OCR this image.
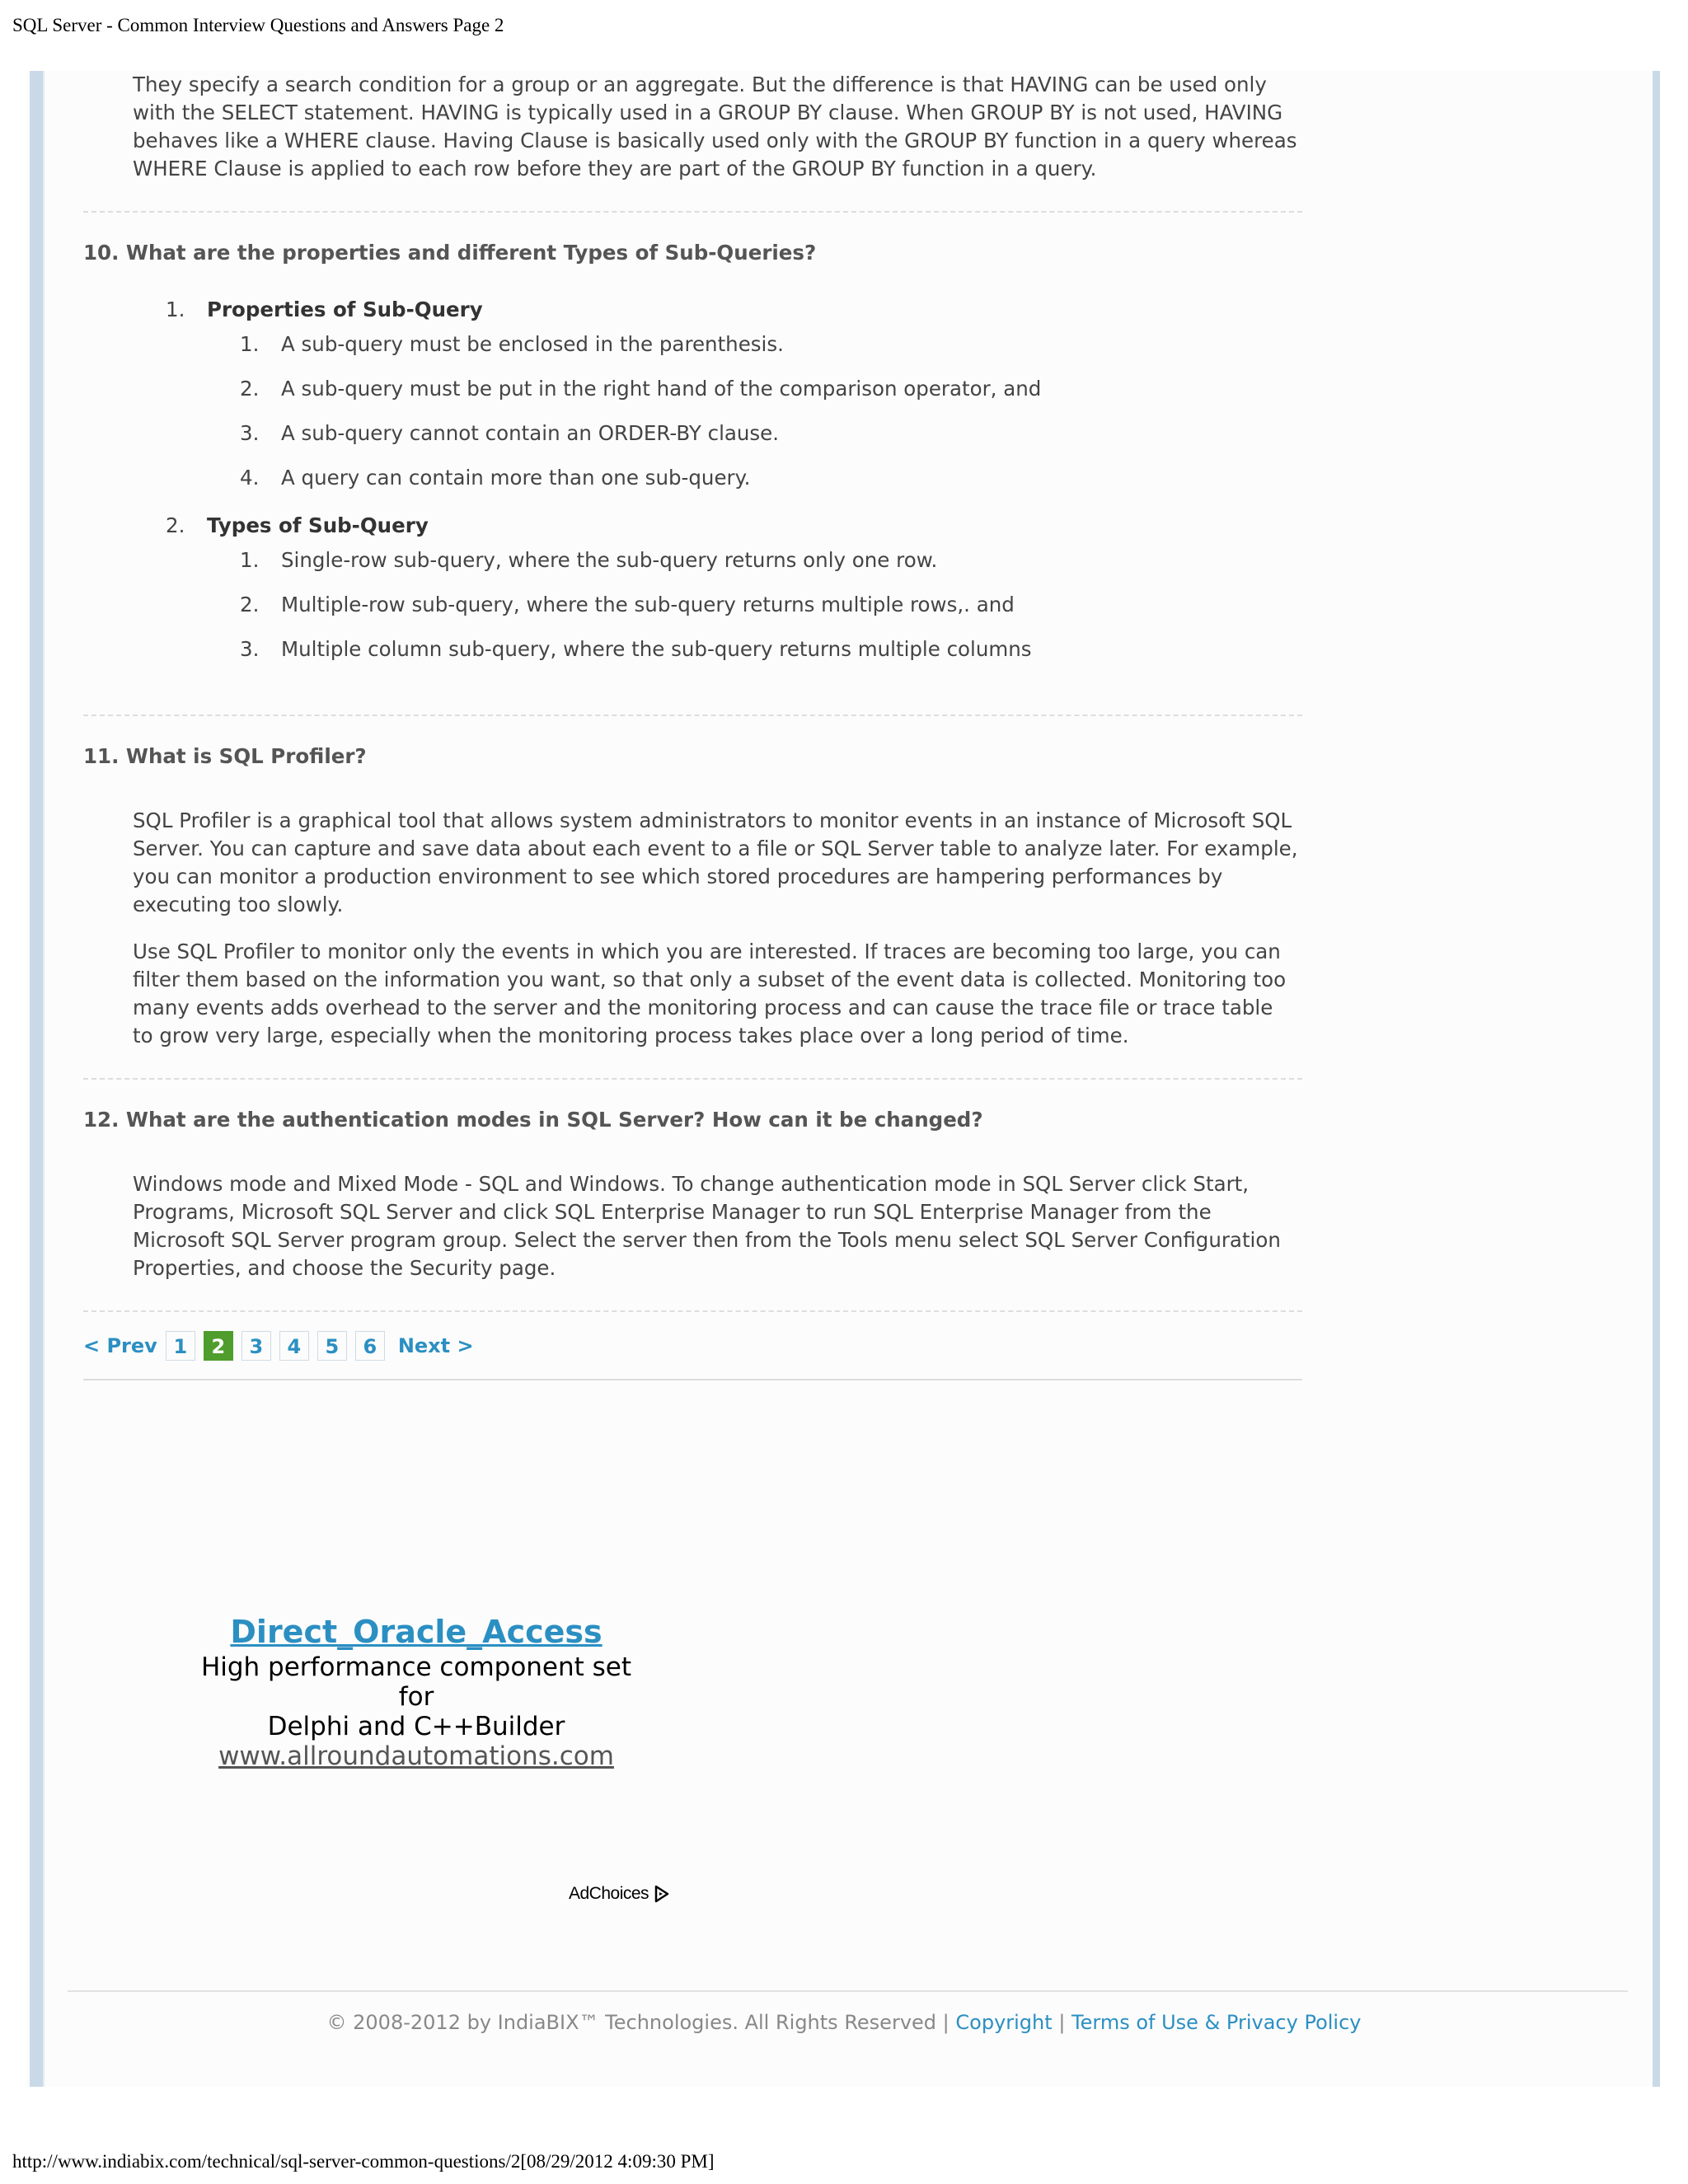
SQL Server - Common Interview Questions and Answers Page 2

They specify a search condition for a group or an aggregate. But the difference is that HAVING can be used only with the SELECT statement. HAVING is typically used in a GROUP BY clause. When GROUP BY is not used, HAVING behaves like a WHERE clause. Having Clause is basically used only with the GROUP BY function in a query whereas WHERE Clause is applied to each row before they are part of the GROUP BY function in a query.

10. What are the properties and different Types of Sub-Queries?
1.	Properties of Sub-Query
1.	A sub-query must be enclosed in the parenthesis.
2.	A sub-query must be put in the right hand of the comparison operator, and
3.	A sub-query cannot contain an ORDER-BY clause.
4.	A query can contain more than one sub-query.
2.	Types of Sub-Query
1.	Single-row sub-query, where the sub-query returns only one row.
2.	Multiple-row sub-query, where the sub-query returns multiple rows,. and
3.	Multiple column sub-query, where the sub-query returns multiple columns
11. What is SQL Profiler?

SQL Profiler is a graphical tool that allows system administrators to monitor events in an instance of Microsoft SQL Server. You can capture and save data about each event to a file or SQL Server table to analyze later. For example, you can monitor a production environment to see which stored procedures are hampering performances by executing too slowly.

Use SQL Profiler to monitor only the events in which you are interested. If traces are becoming too large, you can filter them based on the information you want, so that only a subset of the event data is collected. Monitoring too many events adds overhead to the server and the monitoring process and can cause the trace file or trace table to grow very large, especially when the monitoring process takes place over a long period of time.

12. What are the authentication modes in SQL Server? How can it be changed?

Windows mode and Mixed Mode - SQL and Windows. To change authentication mode in SQL Server click Start, Programs, Microsoft SQL Server and click SQL Enterprise Manager to run SQL Enterprise Manager from the Microsoft SQL Server program group. Select the server then from the Tools menu select SQL Server Configuration Properties, and choose the Security page.

< Prev 1	2	3	4	5	6	Next >
Direct_Oracle_Access
High performance component set for
Delphi and C++Builder
www.allroundautomations.com
AdChoices
© 2008-2012 by IndiaBIX™ Technologies. All Rights Reserved | Copyright | Terms of Use & Privacy Policy
http://www.indiabix.com/technical/sql-server-common-questions/2[08/29/2012 4:09:30 PM]
